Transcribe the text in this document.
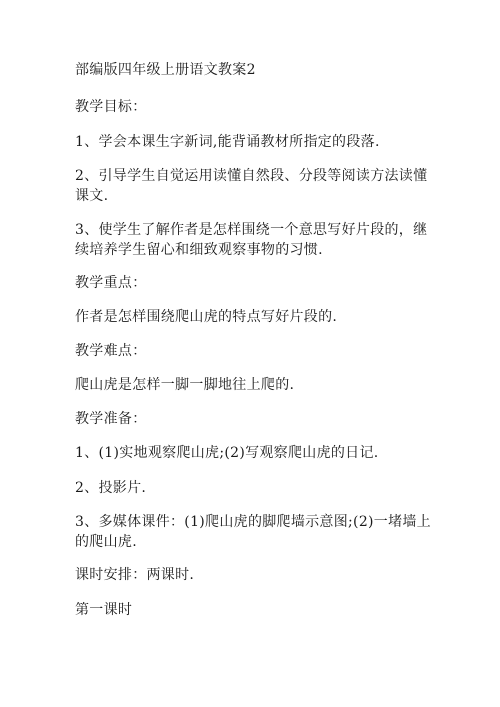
部编版四年级上册语文教案2
教学目标：
1、学会本课生字新词,能背诵教材所指定的段落.
2、引导学生自觉运用读懂自然段、分段等阅读方法读懂课文.
3、使学生了解作者是怎样围绕一个意思写好片段的，继续培养学生留心和细致观察事物的习惯.
教学重点：
作者是怎样围绕爬山虎的特点写好片段的.
教学难点：
爬山虎是怎样一脚一脚地往上爬的.
教学准备：
1、(1)实地观察爬山虎;(2)写观察爬山虎的日记.
2、投影片.
3、多媒体课件：(1)爬山虎的脚爬墙示意图;(2)一堵墙上的爬山虎.
课时安排：两课时.
第一课时
